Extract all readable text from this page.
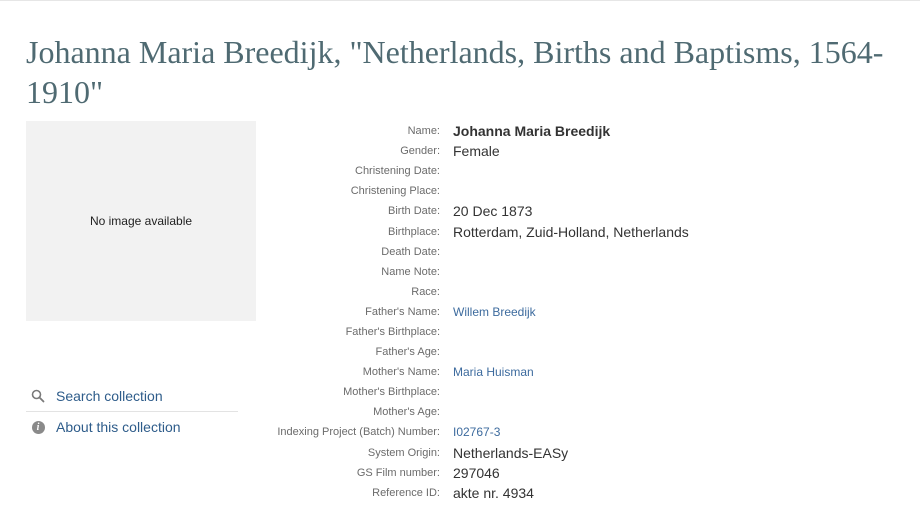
Johanna Maria Breedijk, "Netherlands, Births and Baptisms, 1564-1910"
No image available
Search collection
i	About this collection
Name: Johanna Maria Breedijk
Gender: Female
Christening Date:
Christening Place:
Birth Date: 20 Dec 1873
Birthplace: Rotterdam, Zuid-Holland, Netherlands
Death Date:
Name Note:
Race:
Father's Name: Willem Breedijk
Father's Birthplace:
Father's Age:
Mother's Name: Maria Huisman
Mother's Birthplace:
Mother's Age:
Indexing Project (Batch) Number: I02767-3
System Origin: Netherlands-EASy
GS Film number: 297046
Reference ID: akte nr. 4934
